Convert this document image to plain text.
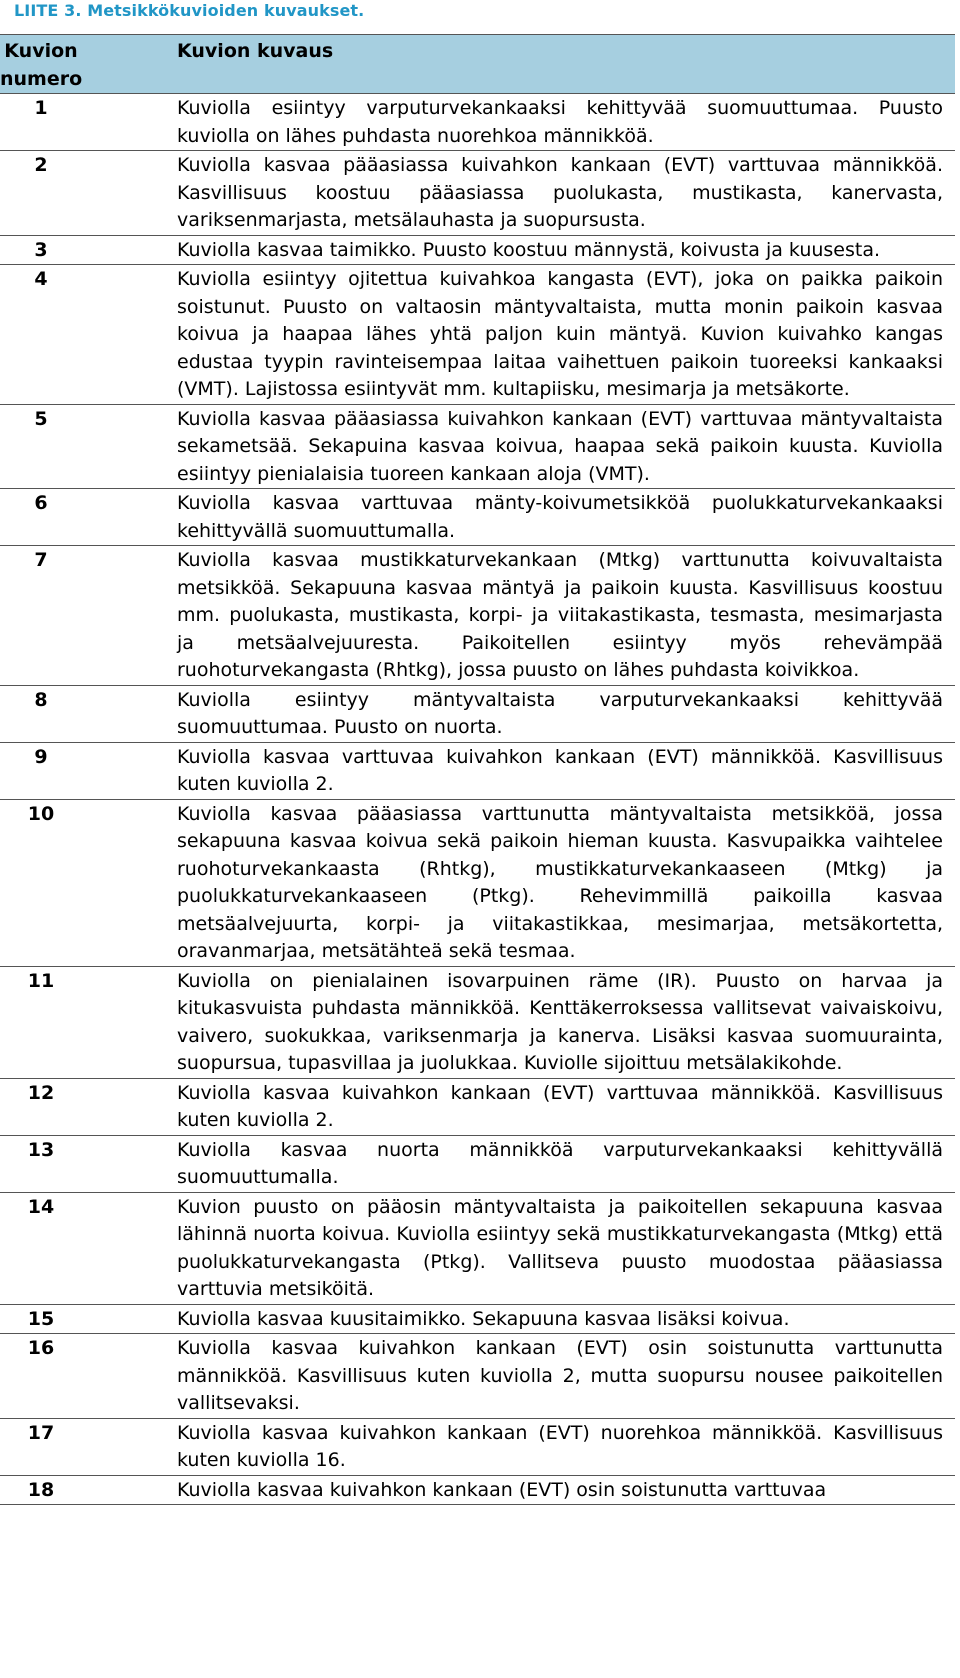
LIITE 3. Metsikkökuvioiden kuvaukset.
Kuvion numero	Kuvion kuvaus
1	Kuviolla esiintyy varputurvekankaaksi kehittyvää suomuuttumaa. Puusto kuviolla on lähes puhdasta nuorehkoa männikköä.
2	Kuviolla kasvaa pääasiassa kuivahkon kankaan (EVT) varttuvaa männikköä. Kasvillisuus koostuu pääasiassa puolukasta, mustikasta, kanervasta, variksenmarjasta, metsälauhasta ja suopursusta.
3	Kuviolla kasvaa taimikko. Puusto koostuu männystä, koivusta ja kuusesta.
4	Kuviolla esiintyy ojitettua kuivahkoa kangasta (EVT), joka on paikka paikoin soistunut. Puusto on valtaosin mäntyvaltaista, mutta monin paikoin kasvaa koivua ja haapaa lähes yhtä paljon kuin mäntyä. Kuvion kuivahko kangas edustaa tyypin ravinteisempaa laitaa vaihettuen paikoin tuoreeksi kankaaksi (VMT). Lajistossa esiintyvät mm. kultapiisku, mesimarja ja metsäkorte.
5	Kuviolla kasvaa pääasiassa kuivahkon kankaan (EVT) varttuvaa mäntyvaltaista sekametsää. Sekapuina kasvaa koivua, haapaa sekä paikoin kuusta. Kuviolla esiintyy pienialaisia tuoreen kankaan aloja (VMT).
6	Kuviolla kasvaa varttuvaa mänty-koivumetsikköä puolukkaturvekankaaksi kehittyvällä suomuuttumalla.
7	Kuviolla kasvaa mustikkaturvekankaan (Mtkg) varttunutta koivuvaltaista metsikköä. Sekapuuna kasvaa mäntyä ja paikoin kuusta. Kasvillisuus koostuu mm. puolukasta, mustikasta, korpi- ja viitakastikasta, tesmasta, mesimarjasta ja metsäalvejuuresta. Paikoitellen esiintyy myös rehevämpää ruohoturvekangasta (Rhtkg), jossa puusto on lähes puhdasta koivikkoa.
8	Kuviolla esiintyy mäntyvaltaista varputurvekankaaksi kehittyvää suomuuttumaa. Puusto on nuorta.
9	Kuviolla kasvaa varttuvaa kuivahkon kankaan (EVT) männikköä. Kasvillisuus kuten kuviolla 2.
10	Kuviolla kasvaa pääasiassa varttunutta mäntyvaltaista metsikköä, jossa sekapuuna kasvaa koivua sekä paikoin hieman kuusta. Kasvupaikka vaihtelee ruohoturvekankaasta (Rhtkg), mustikkaturvekankaaseen (Mtkg) ja puolukkaturvekankaaseen (Ptkg). Rehevimmillä paikoilla kasvaa metsäalvejuurta, korpi- ja viitakastikkaa, mesimarjaa, metsäkortetta, oravanmarjaa, metsätähteä sekä tesmaa.
11	Kuviolla on pienialainen isovarpuinen räme (IR). Puusto on harvaa ja kitukasvuista puhdasta männikköä. Kenttäkerroksessa vallitsevat vaivaiskoivu, vaivero, suokukkaa, variksenmarja ja kanerva. Lisäksi kasvaa suomuurainta, suopursua, tupasvillaa ja juolukkaa. Kuviolle sijoittuu metsälakikohde.
12	Kuviolla kasvaa kuivahkon kankaan (EVT) varttuvaa männikköä. Kasvillisuus kuten kuviolla 2.
13	Kuviolla kasvaa nuorta männikköä varputurvekankaaksi kehittyvällä suomuuttumalla.
14	Kuvion puusto on pääosin mäntyvaltaista ja paikoitellen sekapuuna kasvaa lähinnä nuorta koivua. Kuviolla esiintyy sekä mustikkaturvekangasta (Mtkg) että puolukkaturvekangasta (Ptkg). Vallitseva puusto muodostaa pääasiassa varttuvia metsiköitä.
15	Kuviolla kasvaa kuusitaimikko. Sekapuuna kasvaa lisäksi koivua.
16	Kuviolla kasvaa kuivahkon kankaan (EVT) osin soistunutta varttunutta männikköä. Kasvillisuus kuten kuviolla 2, mutta suopursu nousee paikoitellen vallitsevaksi.
17	Kuviolla kasvaa kuivahkon kankaan (EVT) nuorehkoa männikköä. Kasvillisuus kuten kuviolla 16.
18	Kuviolla kasvaa kuivahkon kankaan (EVT) osin soistunutta varttuvaa
